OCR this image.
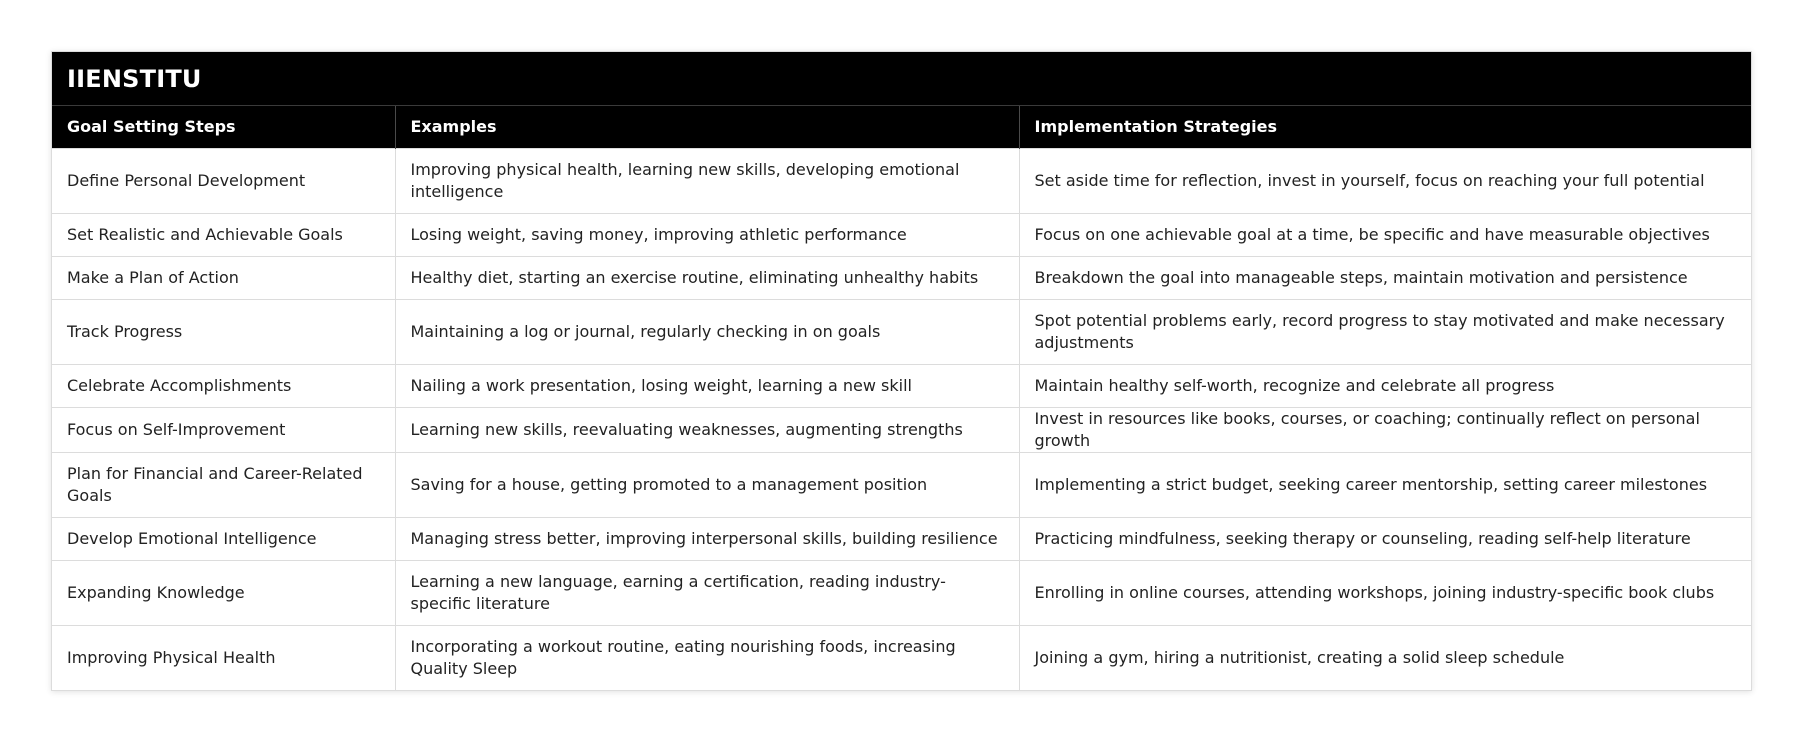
IIENSTITU
Goal Setting Steps	Examples	Implementation Strategies
Define Personal Development	Improving physical health, learning new skills, developing emotional intelligence	Set aside time for reflection, invest in yourself, focus on reaching your full potential
Set Realistic and Achievable Goals	Losing weight, saving money, improving athletic performance	Focus on one achievable goal at a time, be specific and have measurable objectives
Make a Plan of Action	Healthy diet, starting an exercise routine, eliminating unhealthy habits	Breakdown the goal into manageable steps, maintain motivation and persistence
Track Progress	Maintaining a log or journal, regularly checking in on goals	Spot potential problems early, record progress to stay motivated and make necessary adjustments
Celebrate Accomplishments	Nailing a work presentation, losing weight, learning a new skill	Maintain healthy self-worth, recognize and celebrate all progress
Focus on Self-Improvement	Learning new skills, reevaluating weaknesses, augmenting strengths	Invest in resources like books, courses, or coaching; continually reflect on personal growth
Plan for Financial and Career-Related Goals	Saving for a house, getting promoted to a management position	Implementing a strict budget, seeking career mentorship, setting career milestones
Develop Emotional Intelligence	Managing stress better, improving interpersonal skills, building resilience	Practicing mindfulness, seeking therapy or counseling, reading self-help literature
Expanding Knowledge	Learning a new language, earning a certification, reading industry-specific literature	Enrolling in online courses, attending workshops, joining industry-specific book clubs
Improving Physical Health	Incorporating a workout routine, eating nourishing foods, increasing Quality Sleep	Joining a gym, hiring a nutritionist, creating a solid sleep schedule
